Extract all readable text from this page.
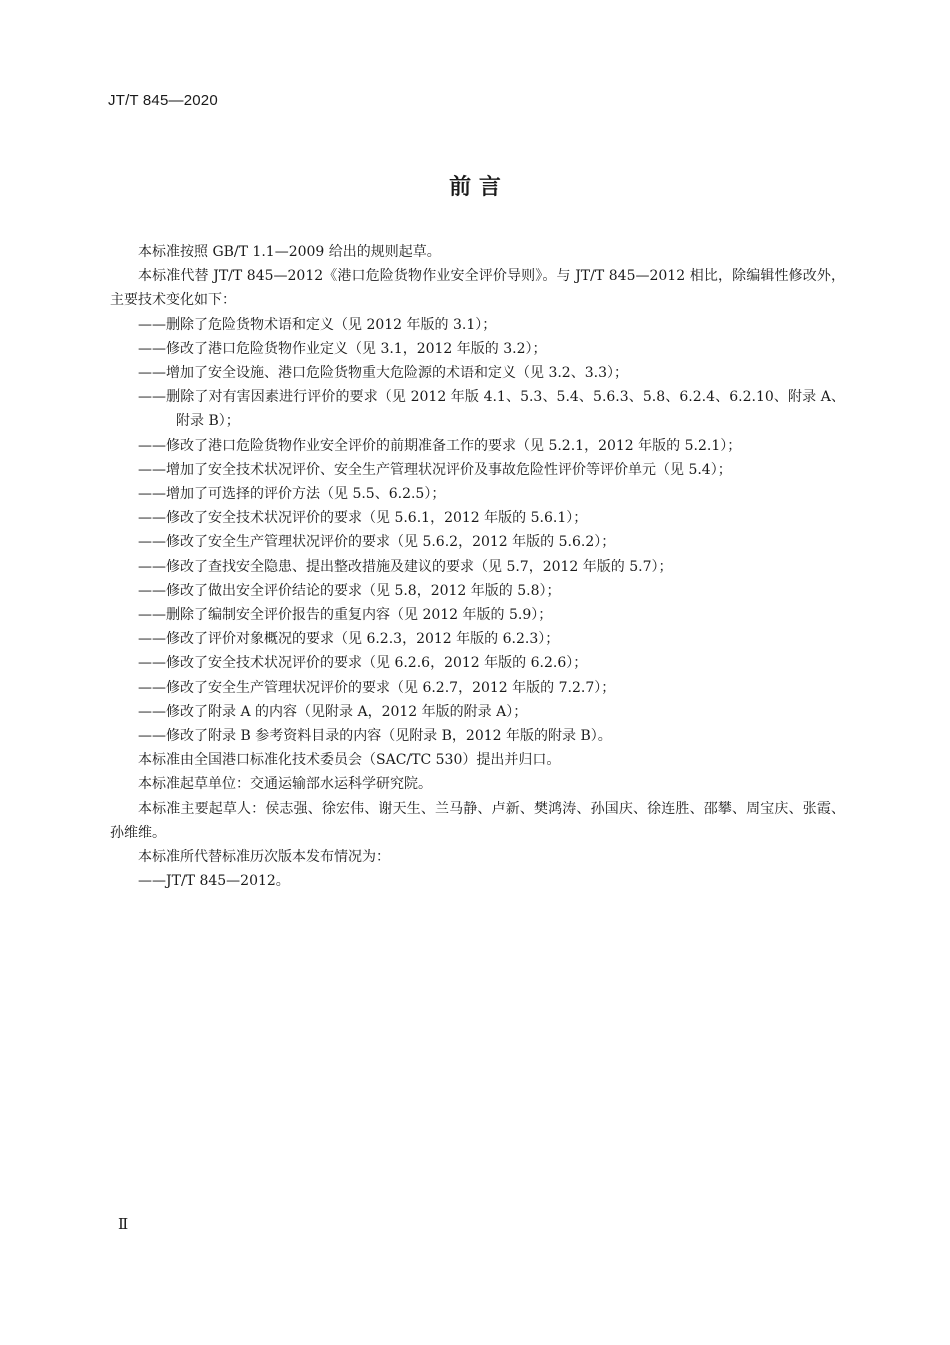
JT/T 845—2020
前 言

本标准按照 GB/T 1.1—2009 给出的规则起草。

本标准代替 JT/T 845—2012《港口危险货物作业安全评价导则》。与 JT/T 845—2012 相比，除编辑性修改外，主要技术变化如下：

——删除了危险货物术语和定义（见 2012 年版的 3.1）；

——修改了港口危险货物作业定义（见 3.1，2012 年版的 3.2）；

——增加了安全设施、港口危险货物重大危险源的术语和定义（见 3.2、3.3）；

——删除了对有害因素进行评价的要求（见 2012 年版 4.1、5.3、5.4、5.6.3、5.8、6.2.4、6.2.10、附录 A、附录 B）；

——修改了港口危险货物作业安全评价的前期准备工作的要求（见 5.2.1，2012 年版的 5.2.1）；

——增加了安全技术状况评价、安全生产管理状况评价及事故危险性评价等评价单元（见 5.4）；

——增加了可选择的评价方法（见 5.5、6.2.5）；

——修改了安全技术状况评价的要求（见 5.6.1，2012 年版的 5.6.1）；

——修改了安全生产管理状况评价的要求（见 5.6.2，2012 年版的 5.6.2）；

——修改了查找安全隐患、提出整改措施及建议的要求（见 5.7，2012 年版的 5.7）；

——修改了做出安全评价结论的要求（见 5.8，2012 年版的 5.8）；

——删除了编制安全评价报告的重复内容（见 2012 年版的 5.9）；

——修改了评价对象概况的要求（见 6.2.3，2012 年版的 6.2.3）；

——修改了安全技术状况评价的要求（见 6.2.6，2012 年版的 6.2.6）；

——修改了安全生产管理状况评价的要求（见 6.2.7，2012 年版的 7.2.7）；

——修改了附录 A 的内容（见附录 A，2012 年版的附录 A）；

——修改了附录 B 参考资料目录的内容（见附录 B，2012 年版的附录 B）。

本标准由全国港口标准化技术委员会（SAC/TC 530）提出并归口。

本标准起草单位：交通运输部水运科学研究院。

本标准主要起草人：侯志强、徐宏伟、谢天生、兰马静、卢新、樊鸿涛、孙国庆、徐连胜、邵攀、周宝庆、张霞、孙维维。

本标准所代替标准历次版本发布情况为：

——JT/T 845—2012。

Ⅱ
